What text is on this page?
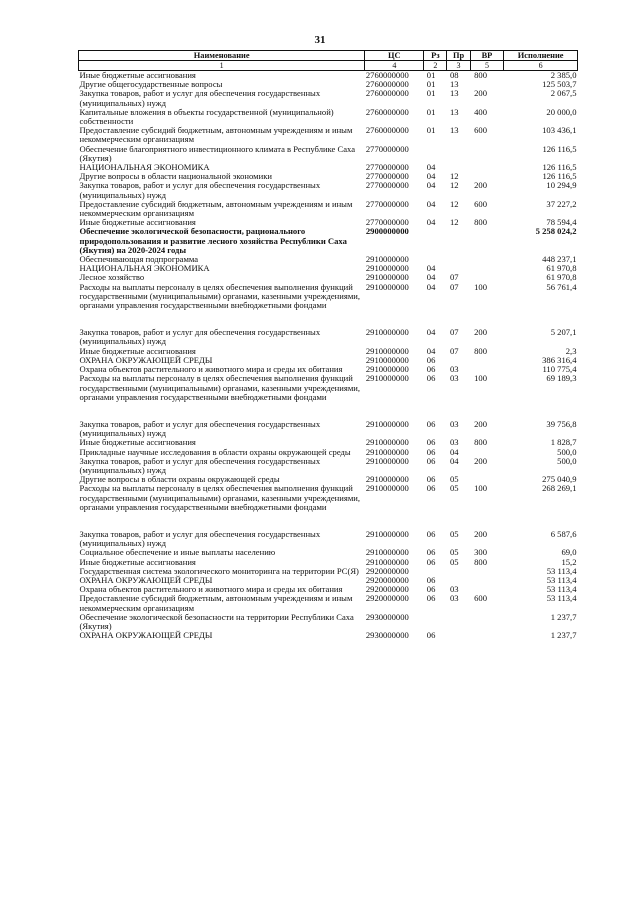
31
Наименование	ЦС	Рз	Пр	ВР	Исполнение
1	4	2	3	5	6
Иные бюджетные ассигнования	2760000000	01	08	800	2 385,0
Другие общегосударственные вопросы	2760000000	01	13		125 503,7
Закупка товаров, работ и услуг для обеспечения государственных (муниципальных) нужд	2760000000	01	13	200	2 067,5
Капитальные вложения в объекты государственной (муниципальной) собственности	2760000000	01	13	400	20 000,0
Предоставление субсидий бюджетным, автономным учреждениям и иным некоммерческим организациям	2760000000	01	13	600	103 436,1
Обеспечение благоприятного инвестиционного климата в Республике Саха (Якутия)	2770000000				126 116,5
НАЦИОНАЛЬНАЯ ЭКОНОМИКА	2770000000	04			126 116,5
Другие вопросы в области национальной экономики	2770000000	04	12		126 116,5
Закупка товаров, работ и услуг для обеспечения государственных (муниципальных) нужд	2770000000	04	12	200	10 294,9
Предоставление субсидий бюджетным, автономным учреждениям и иным некоммерческим организациям	2770000000	04	12	600	37 227,2
Иные бюджетные ассигнования	2770000000	04	12	800	78 594,4
Обеспечение экологической безопасности, рационального природопользования и развитие лесного хозяйства Республики Саха (Якутия) на 2020-2024 годы	2900000000				5 258 024,2
Обеспечивающая подпрограмма	2910000000				448 237,1
НАЦИОНАЛЬНАЯ ЭКОНОМИКА	2910000000	04			61 970,8
Лесное хозяйство	2910000000	04	07		61 970,8
Расходы на выплаты персоналу в целях обеспечения выполнения функций государственными (муниципальными) органами, казенными учреждениями, органами управления государственными внебюджетными фондами	2910000000	04	07	100	56 761,4

Закупка товаров, работ и услуг для обеспечения государственных (муниципальных) нужд	2910000000	04	07	200	5 207,1
Иные бюджетные ассигнования	2910000000	04	07	800	2,3
ОХРАНА ОКРУЖАЮЩЕЙ СРЕДЫ	2910000000	06			386 316,4
Охрана объектов растительного и животного мира и среды их обитания	2910000000	06	03		110 775,4
Расходы на выплаты персоналу в целях обеспечения выполнения функций государственными (муниципальными) органами, казенными учреждениями, органами управления государственными внебюджетными фондами	2910000000	06	03	100	69 189,3

Закупка товаров, работ и услуг для обеспечения государственных (муниципальных) нужд	2910000000	06	03	200	39 756,8
Иные бюджетные ассигнования	2910000000	06	03	800	1 828,7
Прикладные научные исследования в области охраны окружающей среды	2910000000	06	04		500,0
Закупка товаров, работ и услуг для обеспечения государственных (муниципальных) нужд	2910000000	06	04	200	500,0
Другие вопросы в области охраны окружающей среды	2910000000	06	05		275 040,9
Расходы на выплаты персоналу в целях обеспечения выполнения функций государственными (муниципальными) органами, казенными учреждениями, органами управления государственными внебюджетными фондами	2910000000	06	05	100	268 269,1

Закупка товаров, работ и услуг для обеспечения государственных (муниципальных) нужд	2910000000	06	05	200	6 587,6
Социальное обеспечение и иные выплаты населению	2910000000	06	05	300	69,0
Иные бюджетные ассигнования	2910000000	06	05	800	15,2
Государственная система экологического мониторинга на территории РС(Я)	2920000000				53 113,4
ОХРАНА ОКРУЖАЮЩЕЙ СРЕДЫ	2920000000	06			53 113,4
Охрана объектов растительного и животного мира и среды их обитания	2920000000	06	03		53 113,4
Предоставление субсидий бюджетным, автономным учреждениям и иным некоммерческим организациям	2920000000	06	03	600	53 113,4
Обеспечение экологической безопасности на территории Республики Саха (Якутия)	2930000000				1 237,7
ОХРАНА ОКРУЖАЮЩЕЙ СРЕДЫ	2930000000	06			1 237,7
